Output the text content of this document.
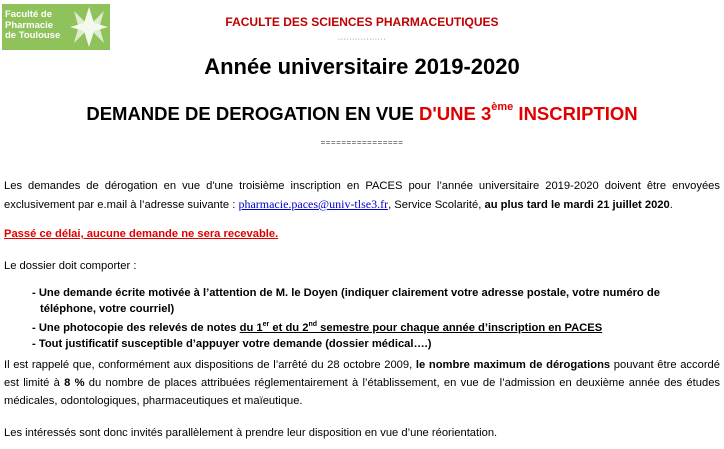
Faculté de
Pharmacie
de Toulouse
FACULTE DES SCIENCES PHARMACEUTIQUES
·················
Année universitaire 2019-2020
DEMANDE DE DEROGATION EN VUE D'UNE 3ème INSCRIPTION
================
Les demandes de dérogation en vue d'une troisième inscription en PACES pour l’année universitaire 2019-2020 doivent être envoyées exclusivement par e.mail à l’adresse suivante : pharmacie.paces@univ-tlse3.fr, Service Scolarité, au plus tard le mardi 21 juillet 2020.
Passé ce délai, aucune demande ne sera recevable.
Le dossier doit comporter :
- Une demande écrite motivée à l’attention de M. le Doyen (indiquer clairement votre adresse postale, votre numéro de
téléphone, votre courriel)
- Une photocopie des relevés de notes du 1er et du 2nd semestre pour chaque année d’inscription en PACES
- Tout justificatif susceptible d’appuyer votre demande (dossier médical….)
Il est rappelé que, conformément aux dispositions de l’arrêté du 28 octobre 2009, le nombre maximum de dérogations pouvant être accordé est limité à 8 % du nombre de places attribuées réglementairement à l’établissement, en vue de l’admission en deuxième année des études médicales, odontologiques, pharmaceutiques et maïeutique.
Les intéressés sont donc invités parallèlement à prendre leur disposition en vue d’une réorientation.
